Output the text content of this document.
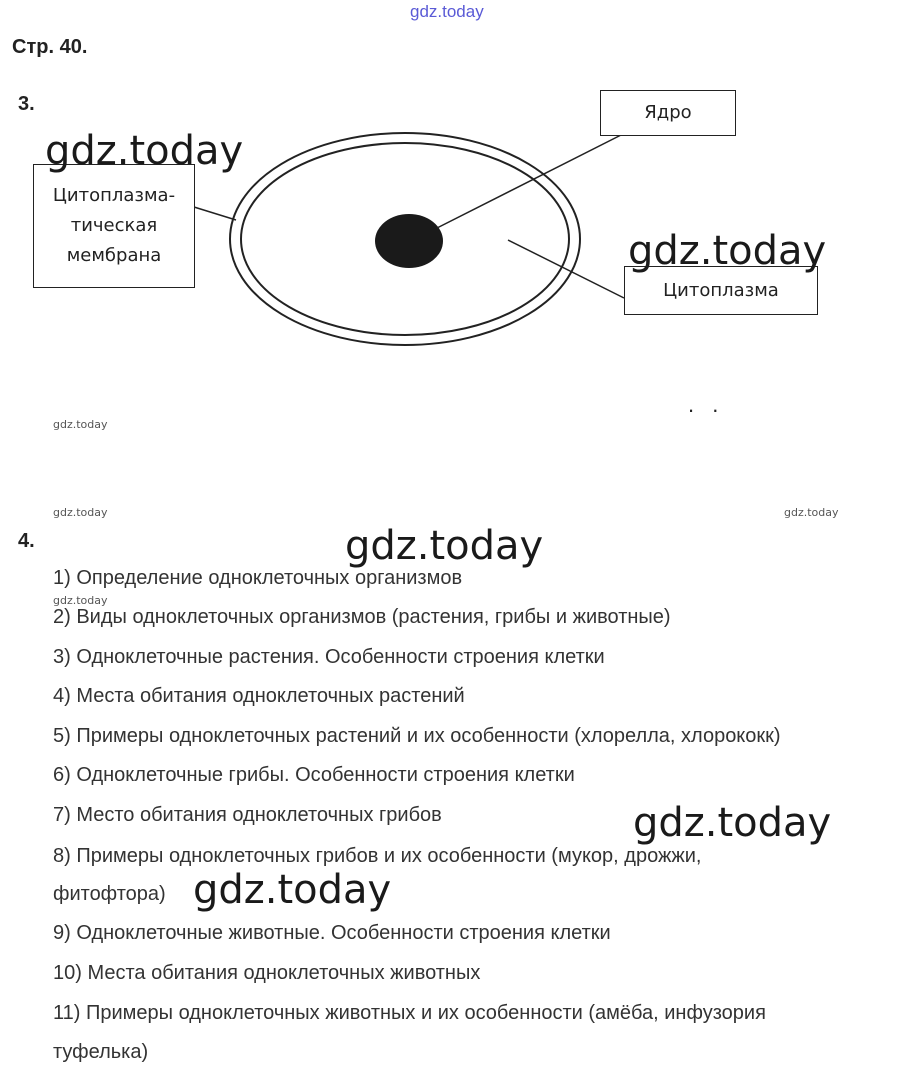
gdz.today
Стр. 40.
3.
Цитоплазма-
тическая
мембрана
Ядро
Цитоплазма
gdz.today
gdz.today
. .
gdz.today
gdz.today	gdz.today
gdz.today
4.	gdz.today
1) Определение одноклеточных организмов
2) Виды одноклеточных организмов (растения, грибы и животные)
3) Одноклеточные растения. Особенности строения клетки
4) Места обитания одноклеточных растений
5) Примеры одноклеточных растений и их особенности (хлорелла, хлорококк)
6) Одноклеточные грибы. Особенности строения клетки
7) Место обитания одноклеточных грибов
8) Примеры одноклеточных грибов и их особенности (мукор, дрожжи,
фитофтора)
9) Одноклеточные животные. Особенности строения клетки
10) Места обитания одноклеточных животных
11) Примеры одноклеточных животных и их особенности (амёба, инфузория
туфелька)
gdz.today
gdz.today
